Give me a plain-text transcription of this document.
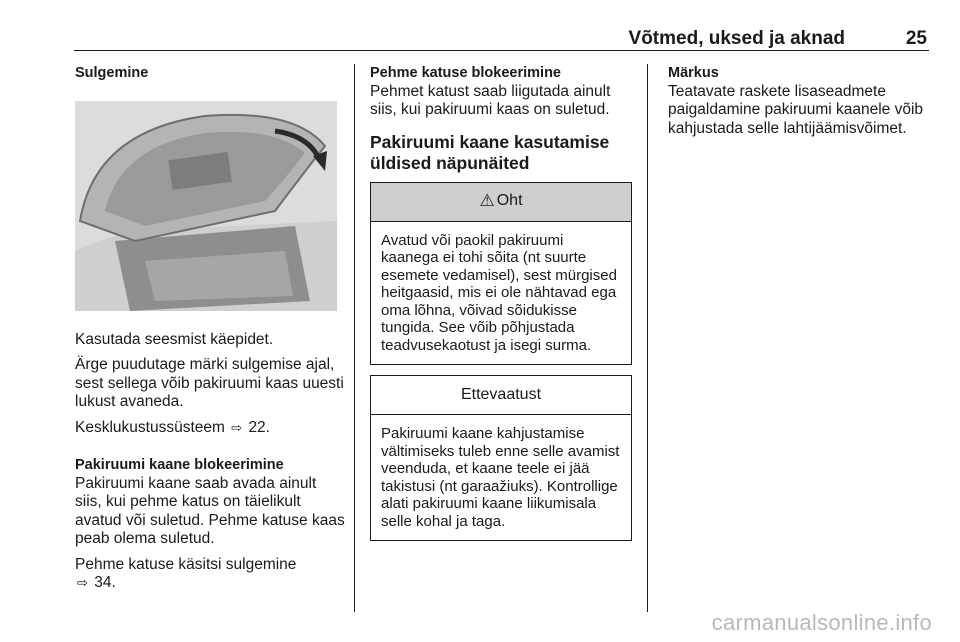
Võtmed, uksed ja aknad	25
Sulgemine

Kasutada seesmist käepidet.

Ärge puudutage märki sulgemise ajal, sest sellega võib pakiruumi kaas uuesti lukust avaneda.

Kesklukustussüsteem ⇨ 22.

Pakiruumi kaane blokeerimine

Pakiruumi kaane saab avada ainult siis, kui pehme katus on täielikult avatud või suletud. Pehme katuse kaas peab olema suletud.

Pehme katuse käsitsi sulgemine
⇨ 34.

Pehme katuse blokeerimine

Pehmet katust saab liigutada ainult siis, kui pakiruumi kaas on suletud.

Pakiruumi kaane kasutamise üldised näpunäited
⚠ Oht
Avatud või paokil pakiruumi kaanega ei tohi sõita (nt suurte esemete vedamisel), sest mürgised heitgaasid, mis ei ole nähtavad ega oma lõhna, võivad sõidukisse tungida. See võib põhjustada teadvusekaotust ja isegi surma.
Ettevaatust
Pakiruumi kaane kahjustamise vältimiseks tuleb enne selle avamist veenduda, et kaane teele ei jää takistusi (nt garaažiuks). Kontrollige alati pakiruumi kaane liikumisala selle kohal ja taga.
Märkus

Teatavate raskete lisaseadmete paigaldamine pakiruumi kaanele võib kahjustada selle lahtijäämisvõimet.

carmanualsonline.info
